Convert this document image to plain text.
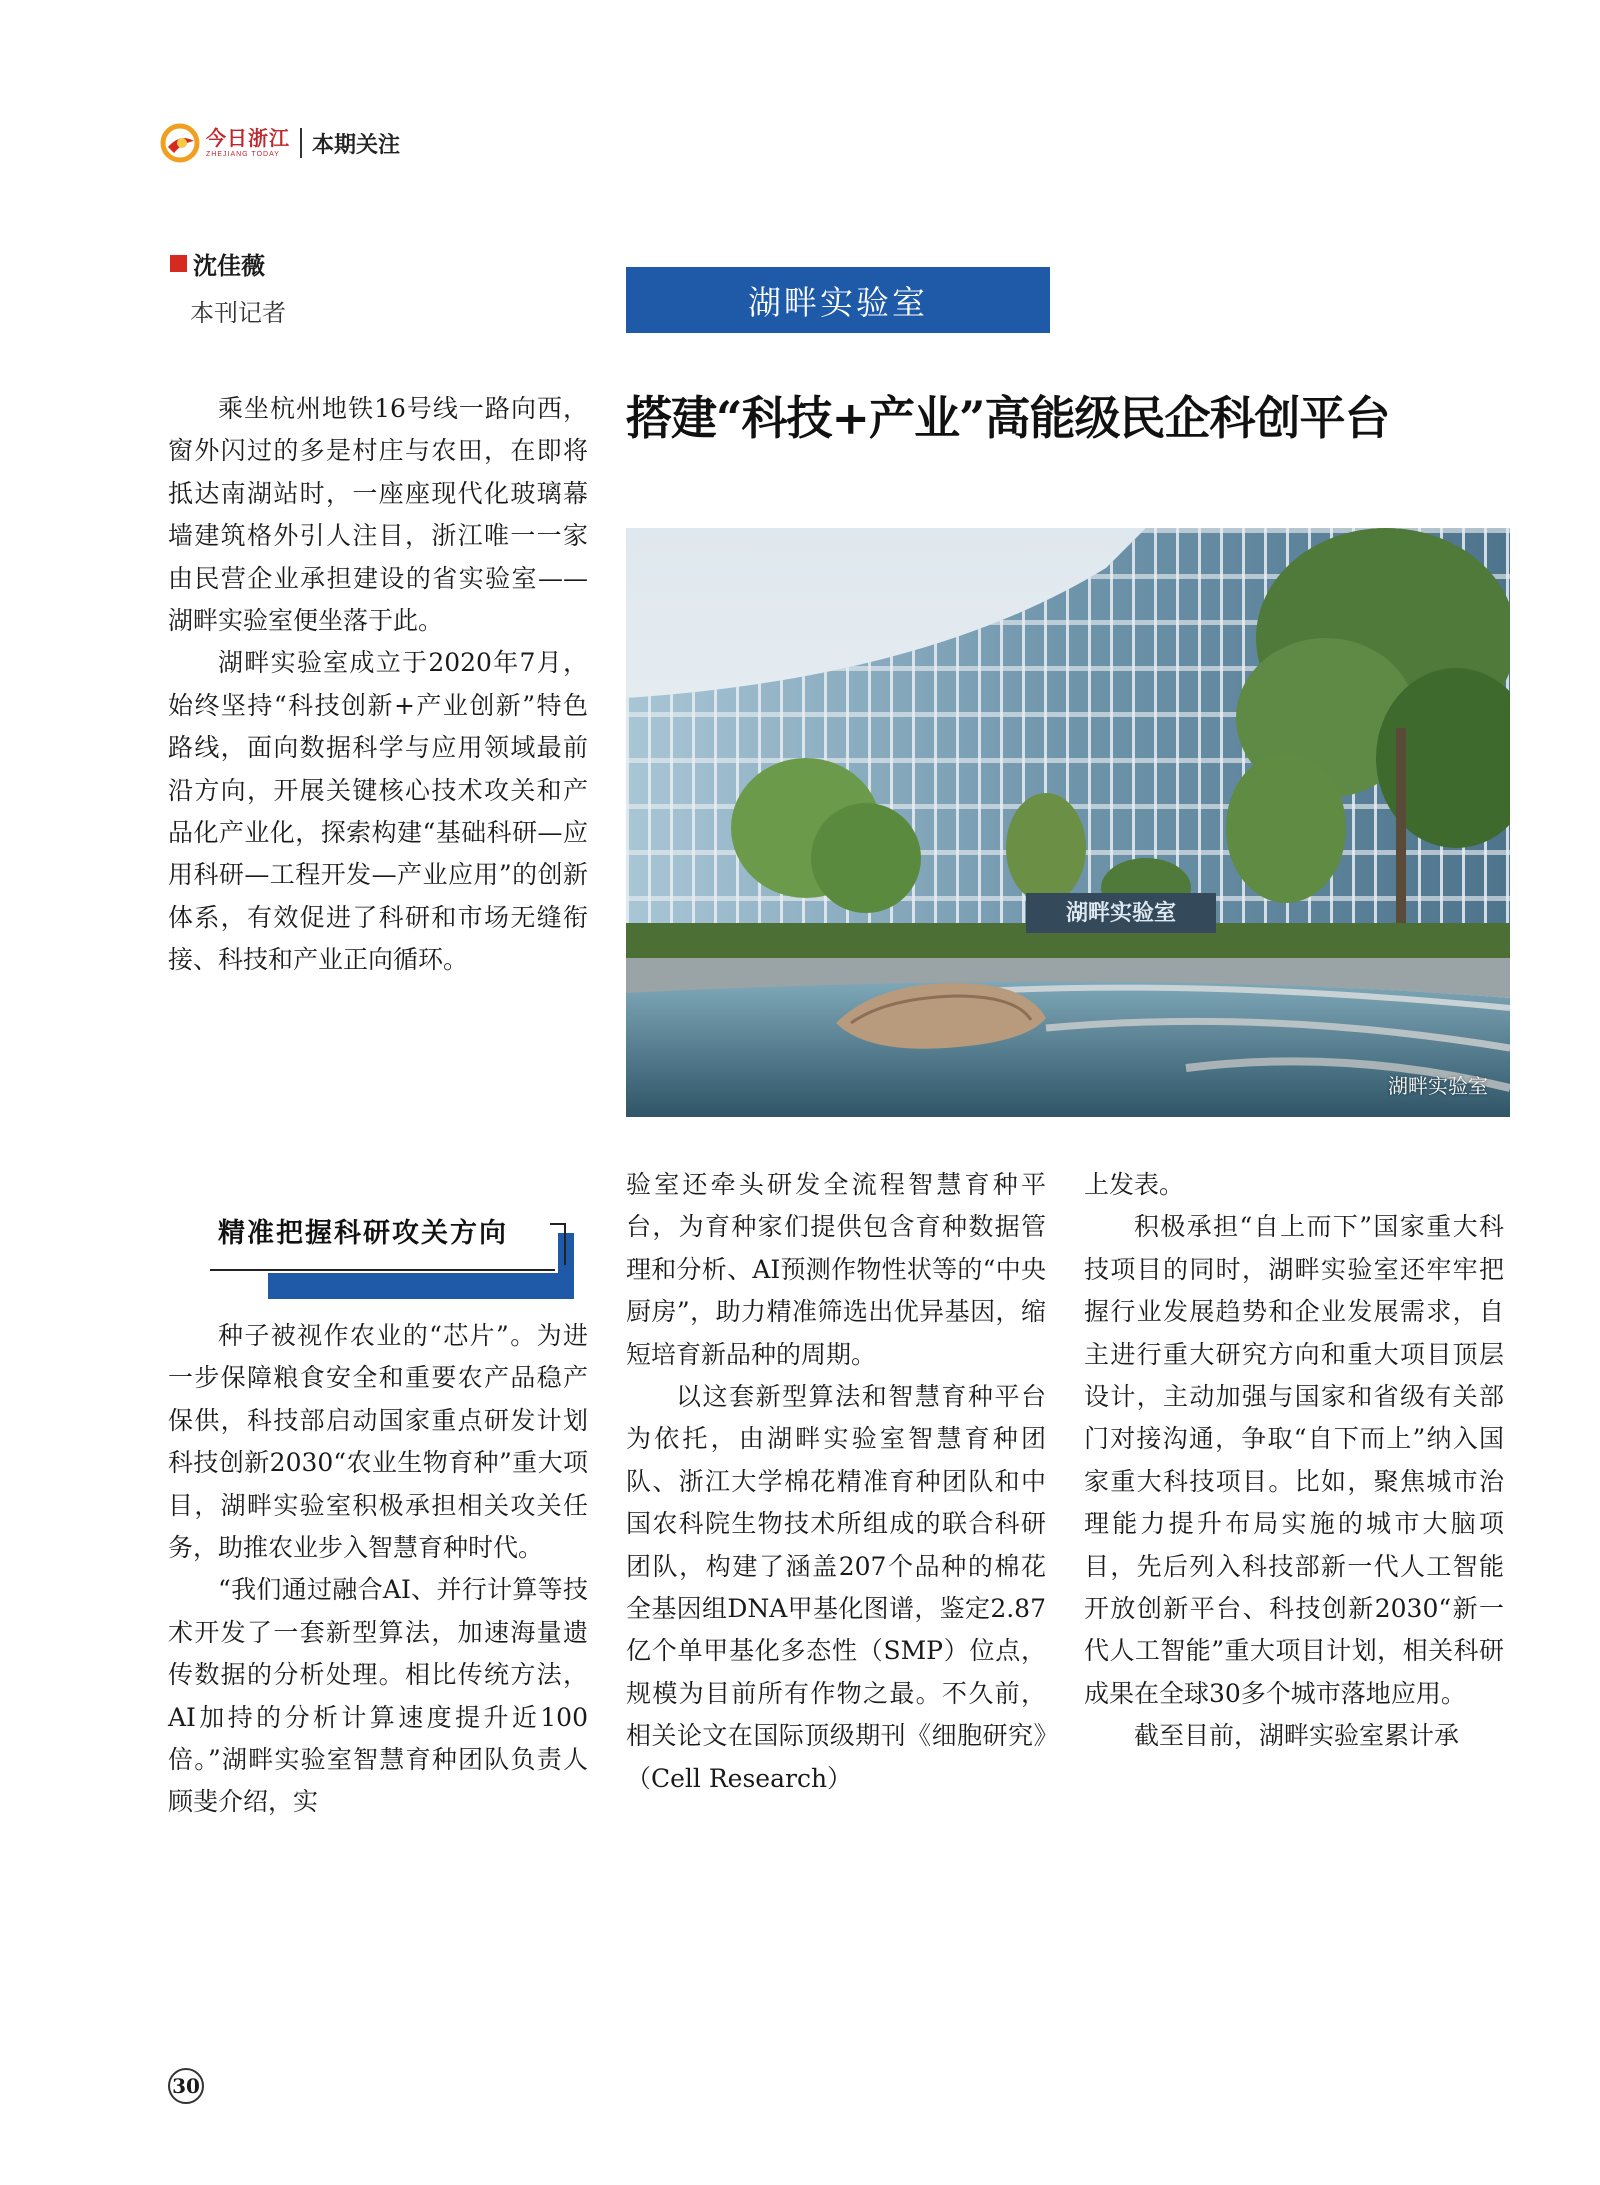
今日浙江
ZHEJIANG TODAY	本期关注
沈佳薇
本刊记者

乘坐杭州地铁16号线一路向西，窗外闪过的多是村庄与农田，在即将抵达南湖站时，一座座现代化玻璃幕墙建筑格外引人注目，浙江唯一一家由民营企业承担建设的省实验室——湖畔实验室便坐落于此。

湖畔实验室成立于2020年7月，始终坚持“科技创新+产业创新”特色路线，面向数据科学与应用领域最前沿方向，开展关键核心技术攻关和产品化产业化，探索构建“基础科研—应用科研—工程开发—产业应用”的创新体系，有效促进了科研和市场无缝衔接、科技和产业正向循环。

精准把握科研攻关方向

种子被视作农业的“芯片”。为进一步保障粮食安全和重要农产品稳产保供，科技部启动国家重点研发计划科技创新2030“农业生物育种”重大项目，湖畔实验室积极承担相关攻关任务，助推农业步入智慧育种时代。

“我们通过融合AI、并行计算等技术开发了一套新型算法，加速海量遗传数据的分析处理。相比传统方法，AI加持的分析计算速度提升近100倍。”湖畔实验室智慧育种团队负责人顾斐介绍，实

湖畔实验室
搭建“科技+产业”高能级民企科创平台
湖畔实验室
湖畔实验室

验室还牵头研发全流程智慧育种平台，为育种家们提供包含育种数据管理和分析、AI预测作物性状等的“中央厨房”，助力精准筛选出优异基因，缩短培育新品种的周期。

以这套新型算法和智慧育种平台为依托，由湖畔实验室智慧育种团队、浙江大学棉花精准育种团队和中国农科院生物技术所组成的联合科研团队，构建了涵盖207个品种的棉花全基因组DNA甲基化图谱，鉴定2.87亿个单甲基化多态性（SMP）位点，规模为目前所有作物之最。不久前，相关论文在国际顶级期刊《细胞研究》（Cell Research）

上发表。

积极承担“自上而下”国家重大科技项目的同时，湖畔实验室还牢牢把握行业发展趋势和企业发展需求，自主进行重大研究方向和重大项目顶层设计，主动加强与国家和省级有关部门对接沟通，争取“自下而上”纳入国家重大科技项目。比如，聚焦城市治理能力提升布局实施的城市大脑项目，先后列入科技部新一代人工智能开放创新平台、科技创新2030“新一代人工智能”重大项目计划，相关科研成果在全球30多个城市落地应用。

截至目前，湖畔实验室累计承

30
